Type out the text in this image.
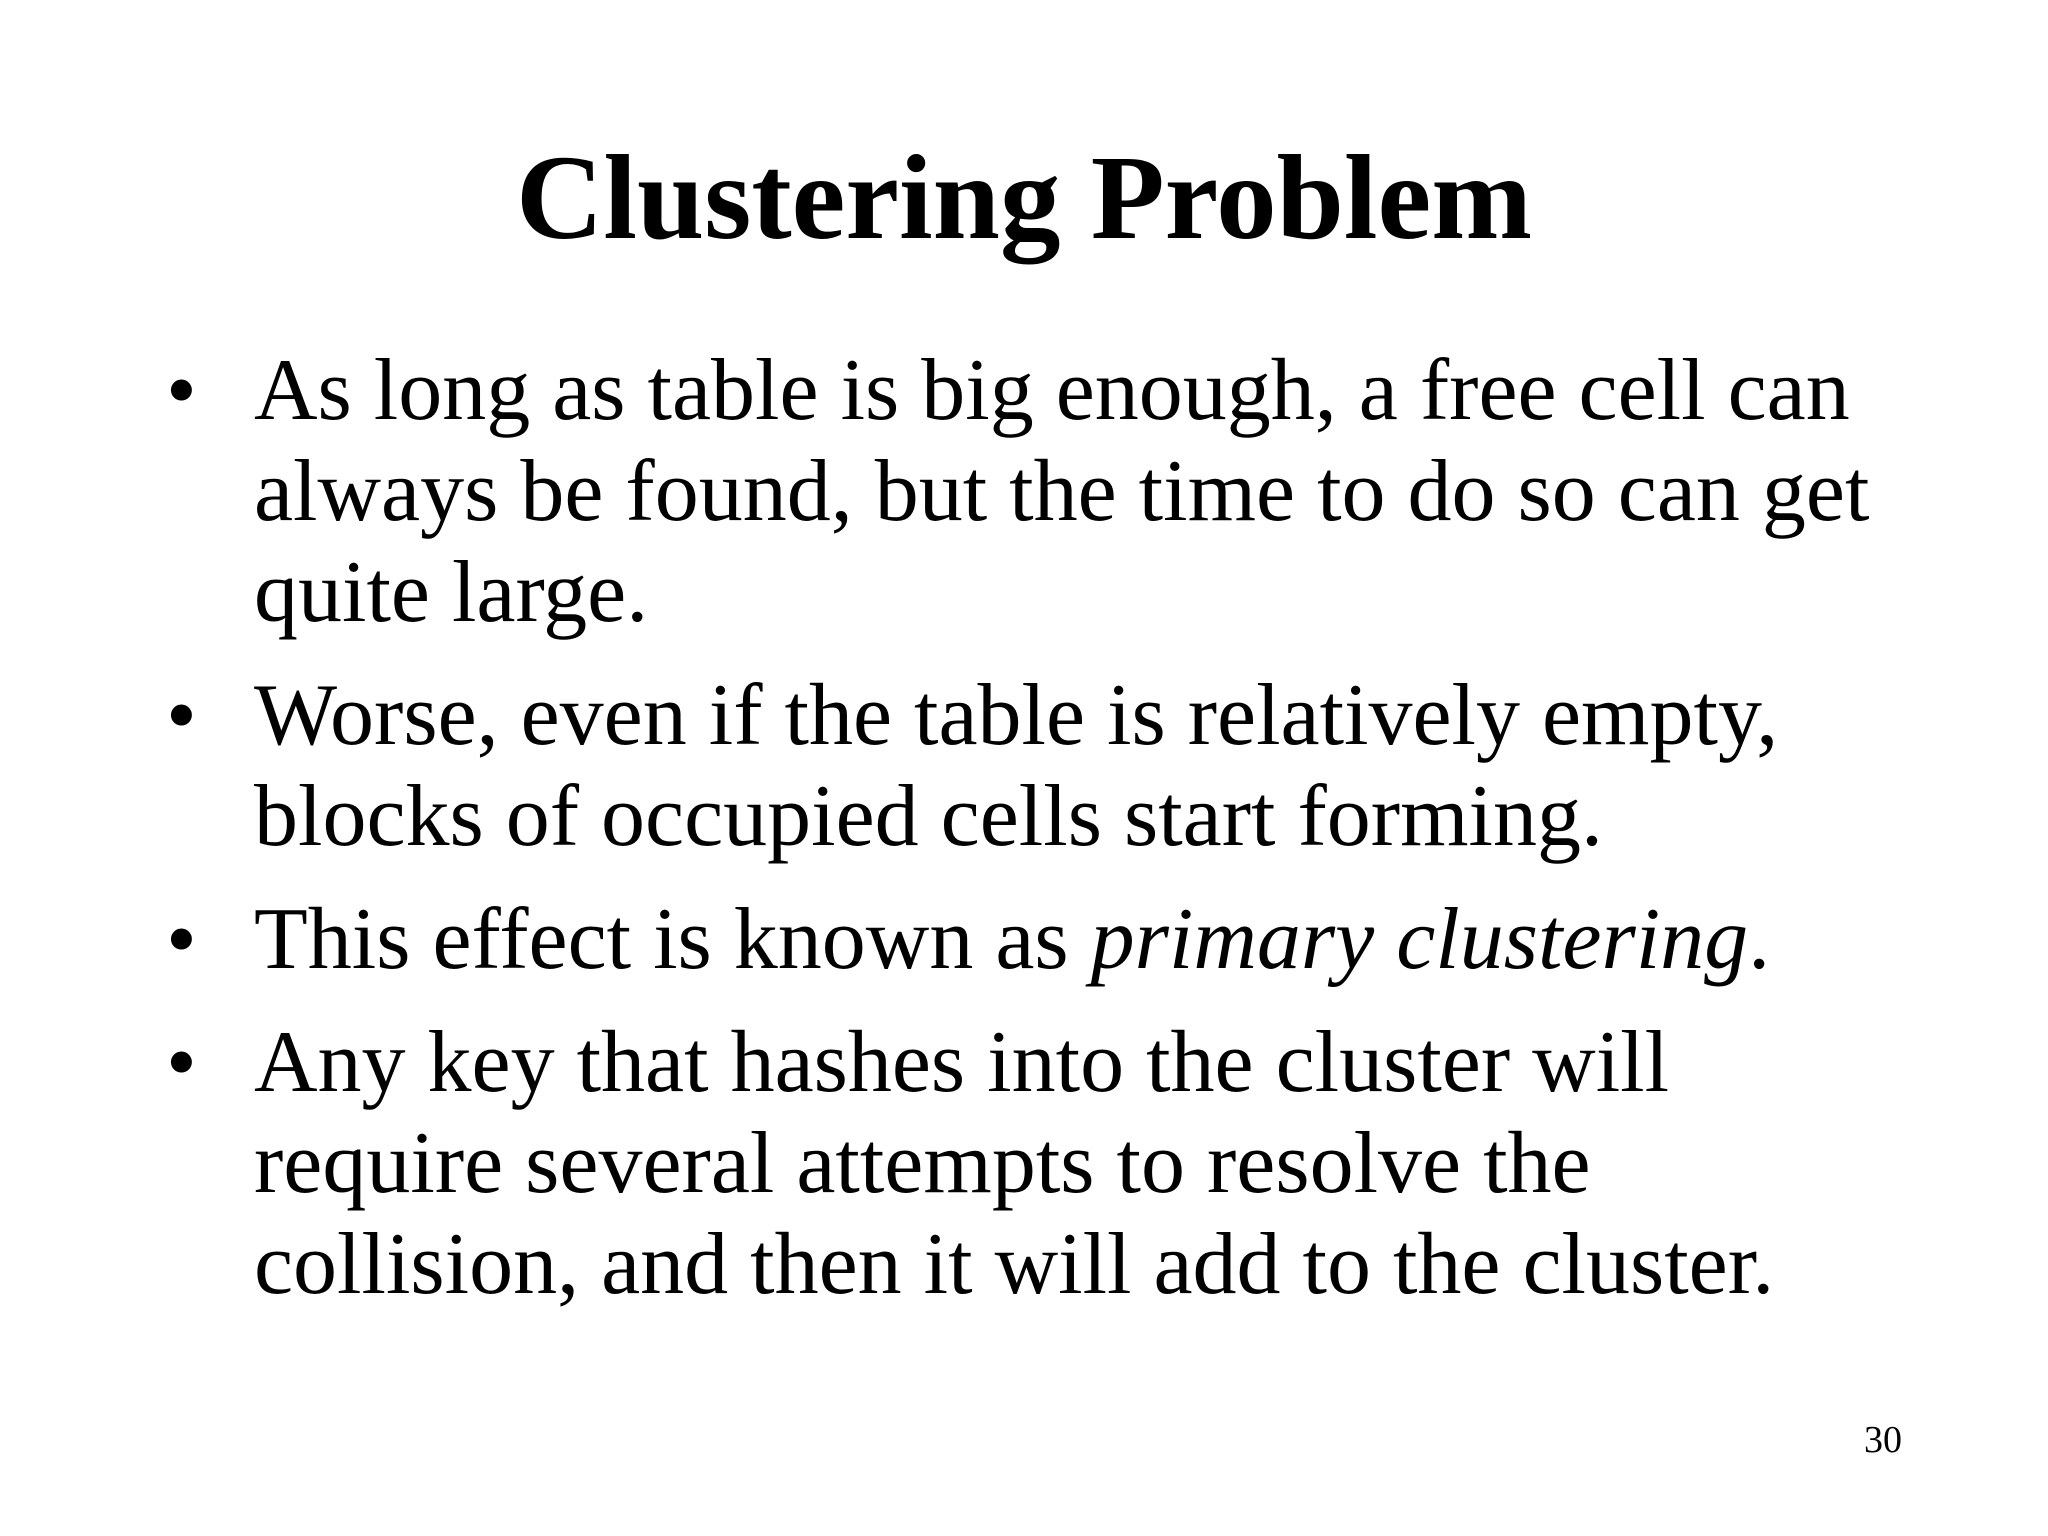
Clustering Problem
• As long as table is big enough, a free cell can always be found, but the time to do so can get quite large.
• Worse, even if the table is relatively empty, blocks of occupied cells start forming.
• This effect is known as primary clustering.
• Any key that hashes into the cluster will require several attempts to resolve the collision, and then it will add to the cluster.
30
